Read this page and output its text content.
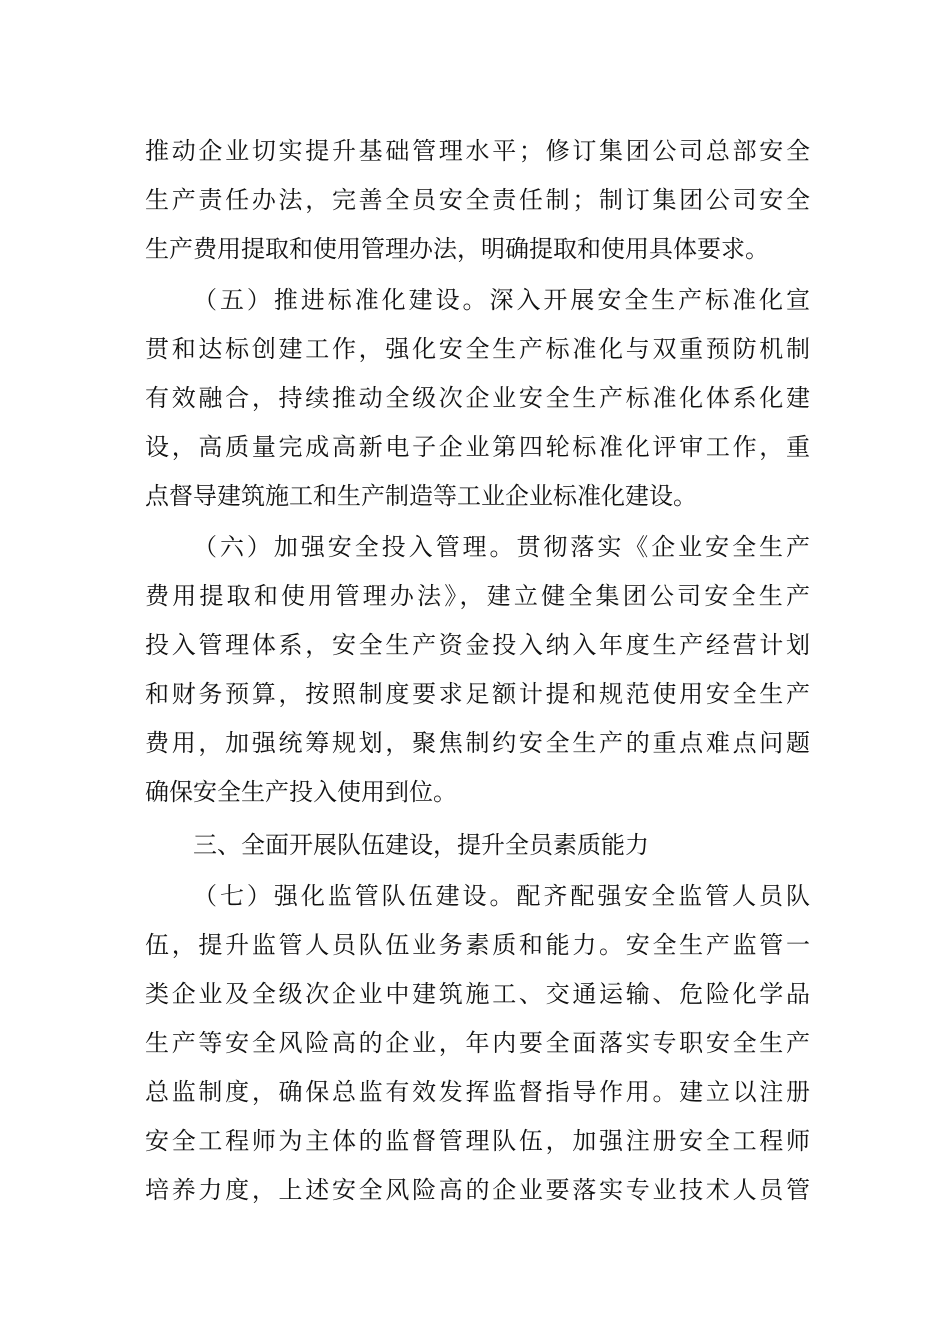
推动企业切实提升基础管理水平；修订集团公司总部安全
生产责任办法，完善全员安全责任制；制订集团公司安全
生产费用提取和使用管理办法，明确提取和使用具体要求。
（五）推进标准化建设。深入开展安全生产标准化宣
贯和达标创建工作，强化安全生产标准化与双重预防机制
有效融合，持续推动全级次企业安全生产标准化体系化建
设，高质量完成高新电子企业第四轮标准化评审工作，重
点督导建筑施工和生产制造等工业企业标准化建设。
（六）加强安全投入管理。贯彻落实《企业安全生产
费用提取和使用管理办法》，建立健全集团公司安全生产
投入管理体系，安全生产资金投入纳入年度生产经营计划
和财务预算，按照制度要求足额计提和规范使用安全生产
费用，加强统筹规划，聚焦制约安全生产的重点难点问题
确保安全生产投入使用到位。
三、全面开展队伍建设，提升全员素质能力
（七）强化监管队伍建设。配齐配强安全监管人员队
伍，提升监管人员队伍业务素质和能力。安全生产监管一
类企业及全级次企业中建筑施工、交通运输、危险化学品
生产等安全风险高的企业，年内要全面落实专职安全生产
总监制度，确保总监有效发挥监督指导作用。建立以注册
安全工程师为主体的监督管理队伍，加强注册安全工程师
培养力度，上述安全风险高的企业要落实专业技术人员管
